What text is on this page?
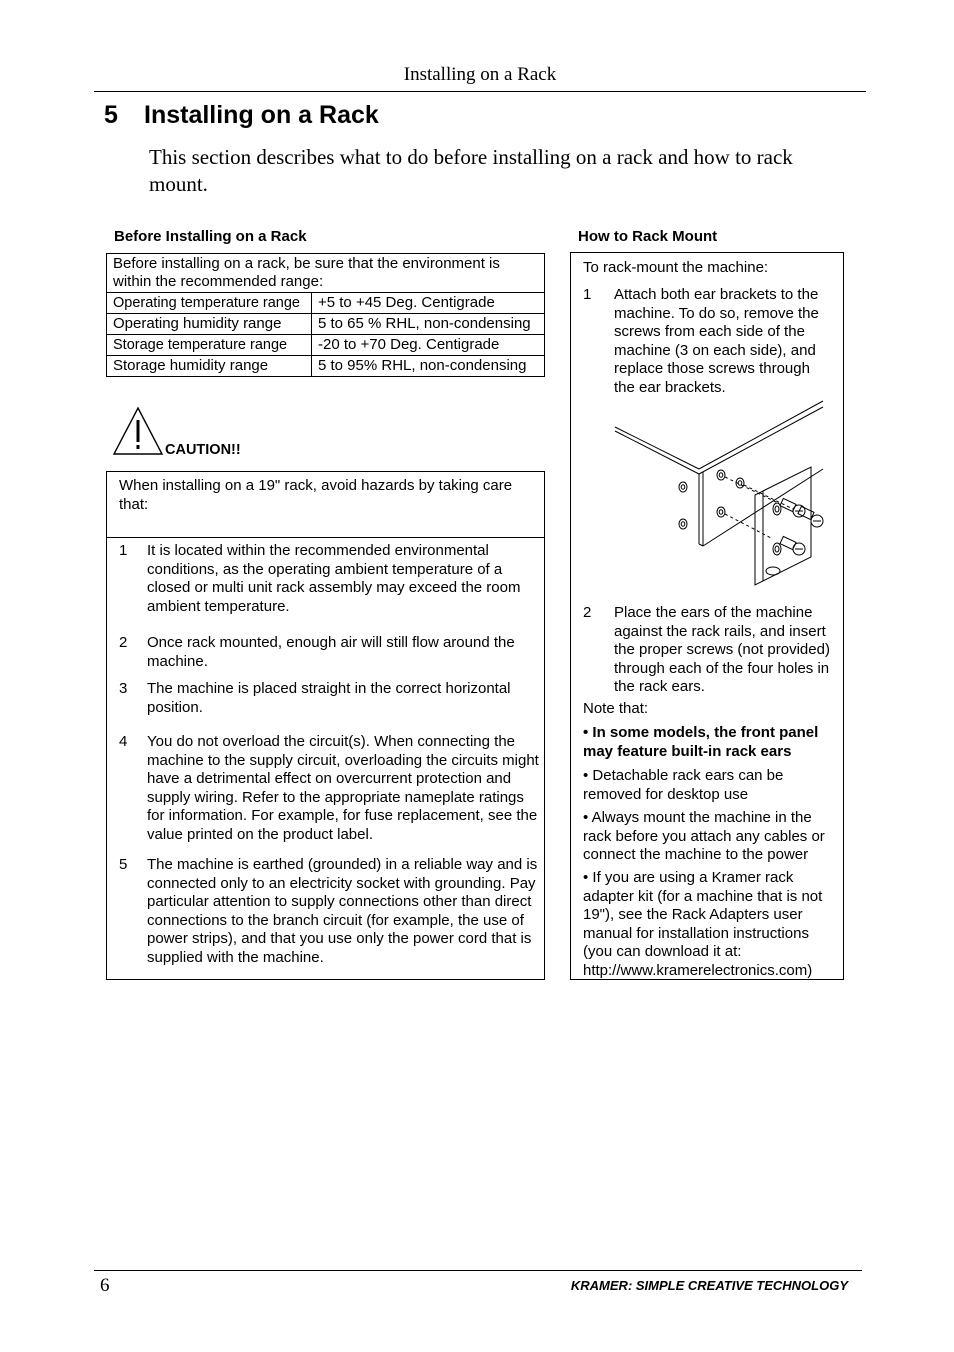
Installing on a Rack
5 Installing on a Rack

This section describes what to do before installing on a rack and how to rack mount.

Before Installing on a Rack	How to Rack Mount
Before installing on a rack, be sure that the environment is within the recommended range:	
Operating temperature range	+5 to +45 Deg. Centigrade
Operating humidity range	5 to 65 % RHL, non-condensing
Storage temperature range	-20 to +70 Deg. Centigrade
Storage humidity range	5 to 95% RHL, non-condensing
CAUTION!!

When installing on a 19" rack, avoid hazards by taking care that:

1	It is located within the recommended environmental conditions, as the operating ambient temperature of a closed or multi unit rack assembly may exceed the room ambient temperature.
2	Once rack mounted, enough air will still flow around the machine.
3	The machine is placed straight in the correct horizontal position.
4	You do not overload the circuit(s). When connecting the machine to the supply circuit, overloading the circuits might have a detrimental effect on overcurrent protection and supply wiring. Refer to the appropriate nameplate ratings for information. For example, for fuse replacement, see the value printed on the product label.
5	The machine is earthed (grounded) in a reliable way and is connected only to an electricity socket with grounding. Pay particular attention to supply connections other than direct connections to the branch circuit (for example, the use of power strips), and that you use only the power cord that is supplied with the machine.
To rack-mount the machine:
1 Attach both ear brackets to the machine. To do so, remove the screws from each side of the machine (3 on each side), and replace those screws through the ear brackets.
2 Place the ears of the machine against the rack rails, and insert the proper screws (not provided) through each of the four holes in the rack ears.
Note that:
• In some models, the front panel may feature built-in rack ears
• Detachable rack ears can be removed for desktop use
• Always mount the machine in the rack before you attach any cables or connect the machine to the power
• If you are using a Kramer rack adapter kit (for a machine that is not 19"), see the Rack Adapters user manual for installation instructions (you can download it at: http://www.kramerelectronics.com)
6	KRAMER: SIMPLE CREATIVE TECHNOLOGY
